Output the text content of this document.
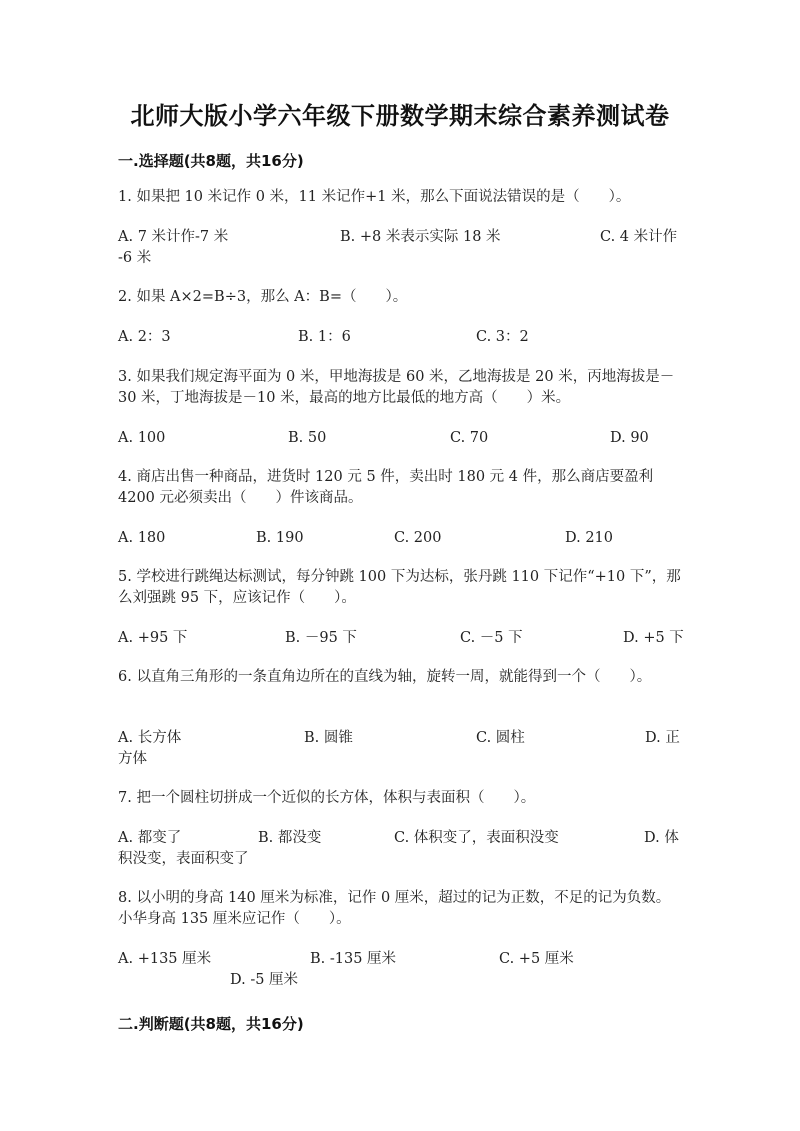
北师大版小学六年级下册数学期末综合素养测试卷
一.选择题(共8题，共16分)
1. 如果把 10 米记作 0 米，11 米记作+1 米，那么下面说法错误的是（　　）。
A. 7 米计作-7 米	B. +8 米表示实际 18 米	C. 4 米计作
-6 米
2. 如果 A×2=B÷3，那么 A：B=（　　）。
A. 2：3	B. 1：6	C. 3：2
3. 如果我们规定海平面为 0 米，甲地海拔是 60 米，乙地海拔是 20 米，丙地海拔是－30 米，丁地海拔是－10 米，最高的地方比最低的地方高（　　）米。
A. 100	B. 50	C. 70	D. 90
4. 商店出售一种商品，进货时 120 元 5 件，卖出时 180 元 4 件，那么商店要盈利 4200 元必须卖出（　　）件该商品。
A. 180	B. 190	C. 200	D. 210
5. 学校进行跳绳达标测试，每分钟跳 100 下为达标，张丹跳 110 下记作“+10 下”，那么刘强跳 95 下，应该记作（　　）。
A. +95 下	B. －95 下	C. －5 下	D. +5 下
6. 以直角三角形的一条直角边所在的直线为轴，旋转一周，就能得到一个（　　）。
A. 长方体	B. 圆锥	C. 圆柱	D. 正
方体
7. 把一个圆柱切拼成一个近似的长方体，体积与表面积（　　）。
A. 都变了	B. 都没变	C. 体积变了，表面积没变	D. 体
积没变，表面积变了
8. 以小明的身高 140 厘米为标准，记作 0 厘米，超过的记为正数，不足的记为负数。小华身高 135 厘米应记作（　　）。
A. +135 厘米	B. -135 厘米	C. +5 厘米
D. -5 厘米
二.判断题(共8题，共16分)
